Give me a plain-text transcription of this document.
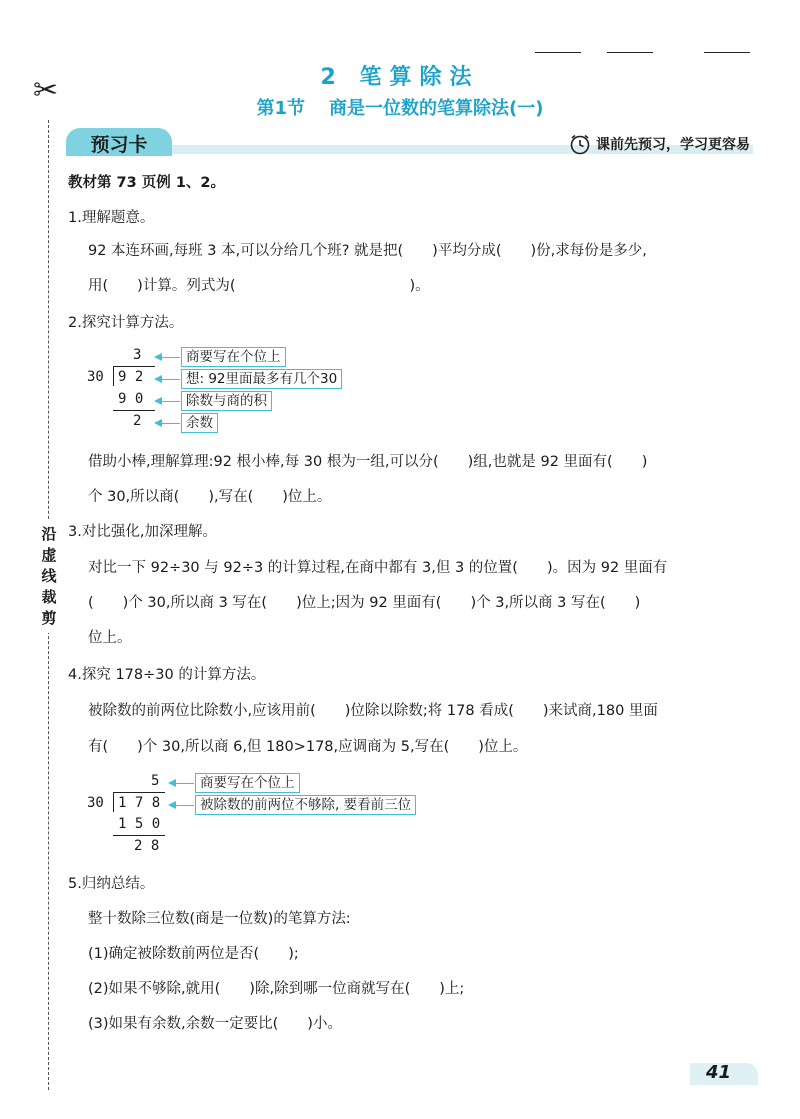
✂
沿
虚
线
裁
剪
2 笔算除法
第1节 商是一位数的笔算除法(一)
预习卡	课前先预习，学习更容易
教材第 73 页例 1、2。
1.理解题意。
92 本连环画,每班 3 本,可以分给几个班? 就是把(　　)平均分成(　　)份,求每份是多少,
用(　　)计算。列式为(　　　　　　　　　　　　)。
2.探究计算方法。
3
30 9 2
9 0
2
商要写在个位上
想: 92里面最多有几个30
除数与商的积
余数
借助小棒,理解算理:92 根小棒,每 30 根为一组,可以分(　　)组,也就是 92 里面有(　　)
个 30,所以商(　　),写在(　　)位上。
3.对比强化,加深理解。
对比一下 92÷30 与 92÷3 的计算过程,在商中都有 3,但 3 的位置(　　)。因为 92 里面有
(　　)个 30,所以商 3 写在(　　)位上;因为 92 里面有(　　)个 3,所以商 3 写在(　　)
位上。
4.探究 178÷30 的计算方法。
被除数的前两位比除数小,应该用前(　　)位除以除数;将 178 看成(　　)来试商,180 里面
有(　　)个 30,所以商 6,但 180>178,应调商为 5,写在(　　)位上。
5
30 1 7 8
1 5 0
2 8
商要写在个位上
被除数的前两位不够除, 要看前三位
5.归纳总结。
整十数除三位数(商是一位数)的笔算方法:
(1)确定被除数前两位是否(　　);
(2)如果不够除,就用(　　)除,除到哪一位商就写在(　　)上;
(3)如果有余数,余数一定要比(　　)小。
41
